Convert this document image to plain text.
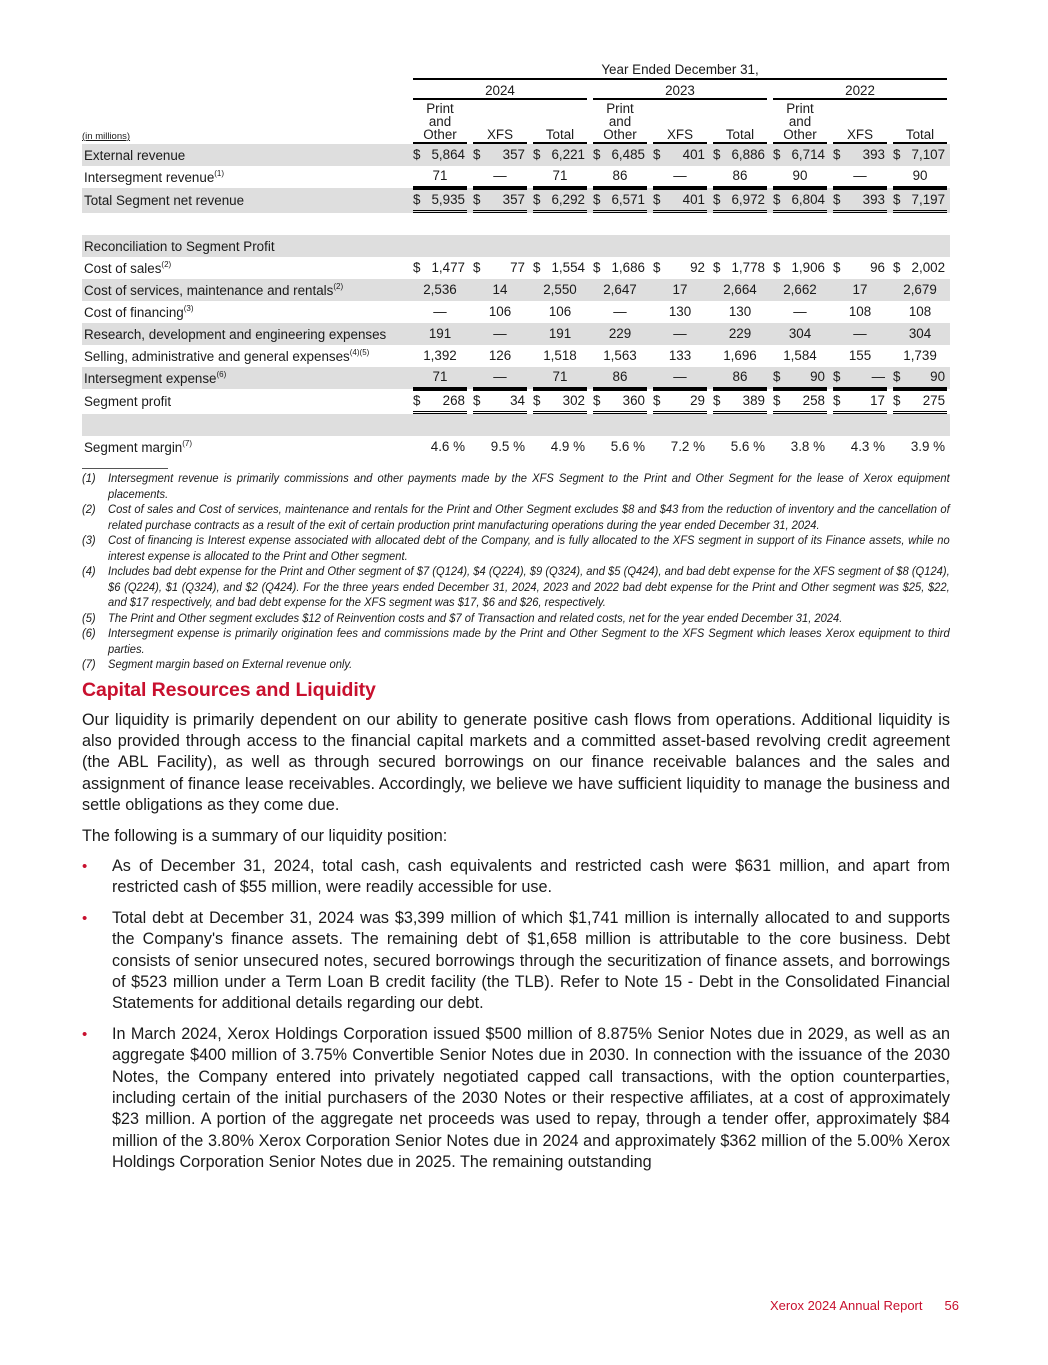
	Year Ended December 31,								

	2024			2023			2022		

(in millions)	
Print
and
Other	XFS	Total

Print
and
Other	XFS	Total

Print
and
Other	XFS	Total

External revenue	$ 5,864	$ 357	$ 6,221	$ 6,485	$ 401	$ 6,886	$ 6,714	$ 393	$ 7,107

Intersegment revenue$^{(1)}$	71	—	71	86	—	86	90	—	90

Total Segment net revenue	$ 5,935	$ 357	$ 6,292	$ 6,571	$ 401	$ 6,972	$ 6,804	$ 393	$ 7,197

Reconciliation to Segment Profit									
Cost of sales$^{(2)}$	$ 1,477	$ 77	$ 1,554	$ 1,686	$ 92	$ 1,778	$ 1,906	$ 96	$ 2,002

Cost of services, maintenance and rentals$^{(2)}$	2,536	14	2,550	2,647	17	2,664	2,662	17	2,679

Cost of financing$^{(3)}$	—	106	106	—	130	130	—	108	108

Research, development and engineering expenses	191	—	191	229	—	229	304	—	304

Selling, administrative and general expenses$^{(4)(5)}$	1,392	126	1,518	1,563	133	1,696	1,584	155	1,739

Intersegment expense$^{(6)}$	71	—	71	86	—	86	$ 90	$ —	$ 90

Segment profit	$ 268	$ 34	$ 302	$ 360	$ 29	$ 389	$ 258	$ 17	$ 275

Segment margin$^{(7)}$	4.6 %	9.5 %	4.9 %	5.6 %	7.2 %	5.6 %	3.8 %	4.3 %	3.9 %
(1)	Intersegment revenue is primarily commissions and other payments made by the XFS Segment to the Print and Other Segment for the lease of Xerox equipment placements.
(2)	Cost of sales and Cost of services, maintenance and rentals for the Print and Other Segment excludes $8 and $43 from the reduction of inventory and the cancellation of related purchase contracts as a result of the exit of certain production print manufacturing operations during the year ended December 31, 2024.
(3)	Cost of financing is Interest expense associated with allocated debt of the Company, and is fully allocated to the XFS segment in support of its Finance assets, while no interest expense is allocated to the Print and Other segment.
(4)	Includes bad debt expense for the Print and Other segment of $7 (Q124), $4 (Q224), $9 (Q324), and $5 (Q424), and bad debt expense for the XFS segment of $8 (Q124), $6 (Q224), $1 (Q324), and $2 (Q424). For the three years ended December 31, 2024, 2023 and 2022 bad debt expense for the Print and Other segment was $25, $22, and $17 respectively, and bad debt expense for the XFS segment was $17, $6 and $26, respectively.
(5)	The Print and Other segment excludes $12 of Reinvention costs and $7 of Transaction and related costs, net for the year ended December 31, 2024.
(6)	Intersegment expense is primarily origination fees and commissions made by the Print and Other Segment to the XFS Segment which leases Xerox equipment to third parties.
(7)	Segment margin based on External revenue only.
Capital Resources and Liquidity

Our liquidity is primarily dependent on our ability to generate positive cash flows from operations. Additional liquidity is also provided through access to the financial capital markets and a committed asset-based revolving credit agreement (the ABL Facility), as well as through secured borrowings on our finance receivable balances and the sales and assignment of finance lease receivables. Accordingly, we believe we have sufficient liquidity to manage the business and settle obligations as they come due.

The following is a summary of our liquidity position:

•	As of December 31, 2024, total cash, cash equivalents and restricted cash were $631 million, and apart from restricted cash of $55 million, were readily accessible for use.
•	Total debt at December 31, 2024 was $3,399 million of which $1,741 million is internally allocated to and supports the Company's finance assets. The remaining debt of $1,658 million is attributable to the core business. Debt consists of senior unsecured notes, secured borrowings through the securitization of finance assets, and borrowings of $523 million under a Term Loan B credit facility (the TLB). Refer to Note 15 - Debt in the Consolidated Financial Statements for additional details regarding our debt.
•	In March 2024, Xerox Holdings Corporation issued $500 million of 8.875% Senior Notes due in 2029, as well as an aggregate $400 million of 3.75% Convertible Senior Notes due in 2030. In connection with the issuance of the 2030 Notes, the Company entered into privately negotiated capped call transactions, with the option counterparties, including certain of the initial purchasers of the 2030 Notes or their respective affiliates, at a cost of approximately $23 million. A portion of the aggregate net proceeds was used to repay, through a tender offer, approximately $84 million of the 3.80% Xerox Corporation Senior Notes due in 2024 and approximately $362 million of the 5.00% Xerox Holdings Corporation Senior Notes due in 2025. The remaining outstanding
Xerox 2024 Annual Report 56
